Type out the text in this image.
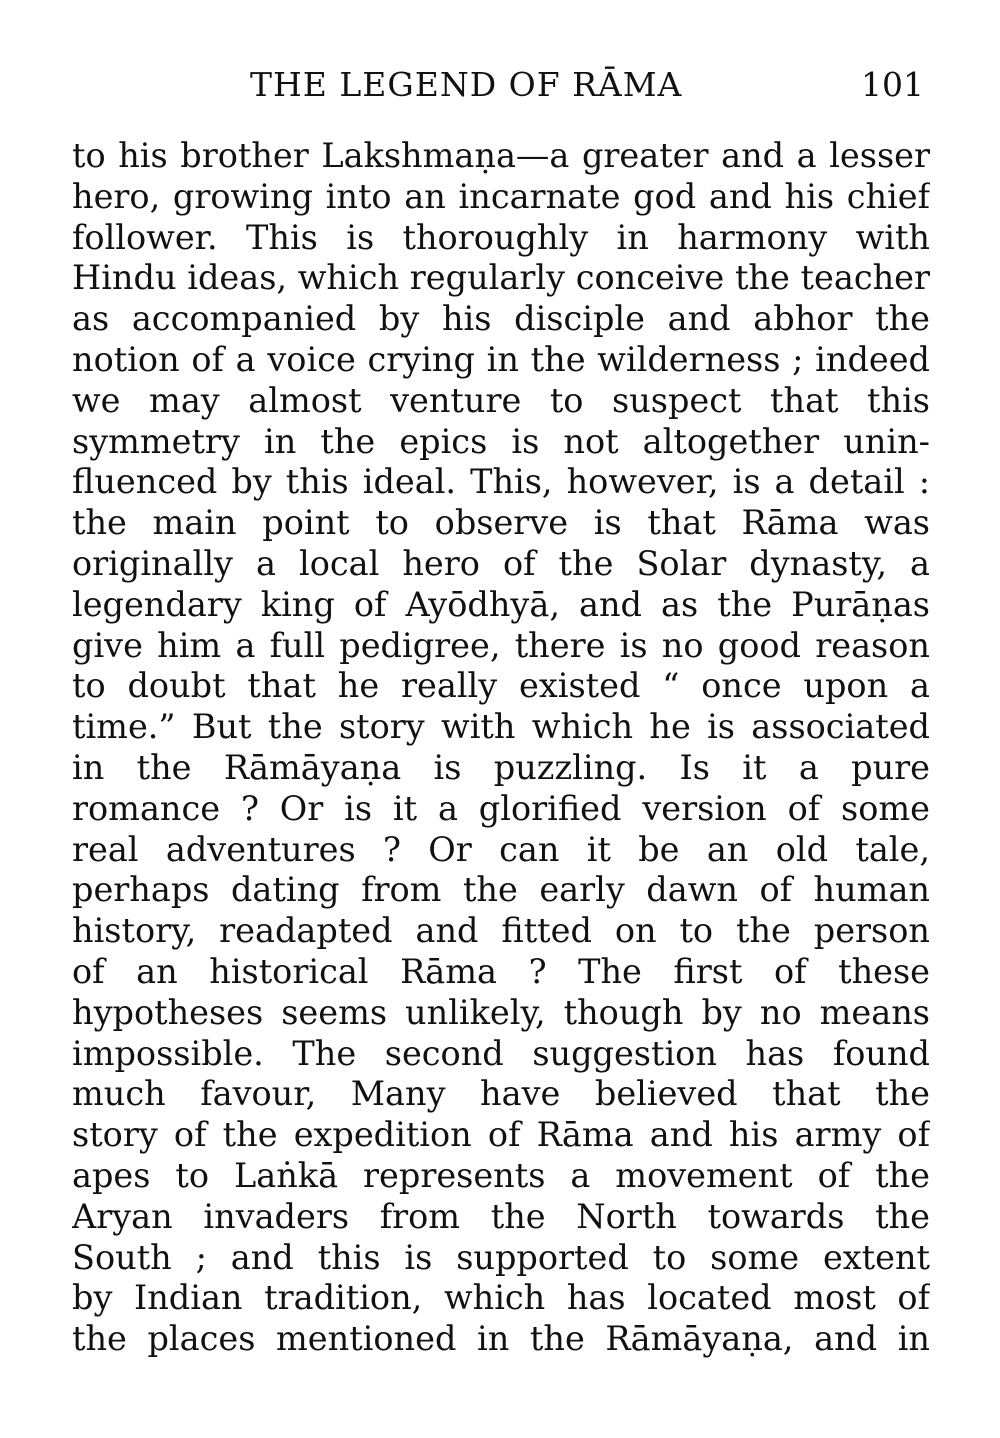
THE LEGEND OF RĀMA	101
to his brother Lakshmaṇa—a greater and a lesser
hero, growing into an incarnate god and his chief
follower. This is thoroughly in harmony with
Hindu ideas, which regularly conceive the teacher
as accompanied by his disciple and abhor the
notion of a voice crying in the wilderness ; indeed
we may almost venture to suspect that this
symmetry in the epics is not altogether unin-
fluenced by this ideal. This, however, is a detail :
the main point to observe is that Rāma was
originally a local hero of the Solar dynasty, a
legendary king of Ayōdhyā, and as the Purāṇas
give him a full pedigree, there is no good reason
to doubt that he really existed “ once upon a
time.” But the story with which he is associated
in the Rāmāyaṇa is puzzling. Is it a pure
romance ? Or is it a glorified version of some
real adventures ? Or can it be an old tale,
perhaps dating from the early dawn of human
history, readapted and fitted on to the person
of an historical Rāma ? The first of these
hypotheses seems unlikely, though by no means
impossible. The second suggestion has found
much favour, Many have believed that the
story of the expedition of Rāma and his army of
apes to Laṅkā represents a movement of the
Aryan invaders from the North towards the
South ; and this is supported to some extent
by Indian tradition, which has located most of
the places mentioned in the Rāmāyaṇa, and in
